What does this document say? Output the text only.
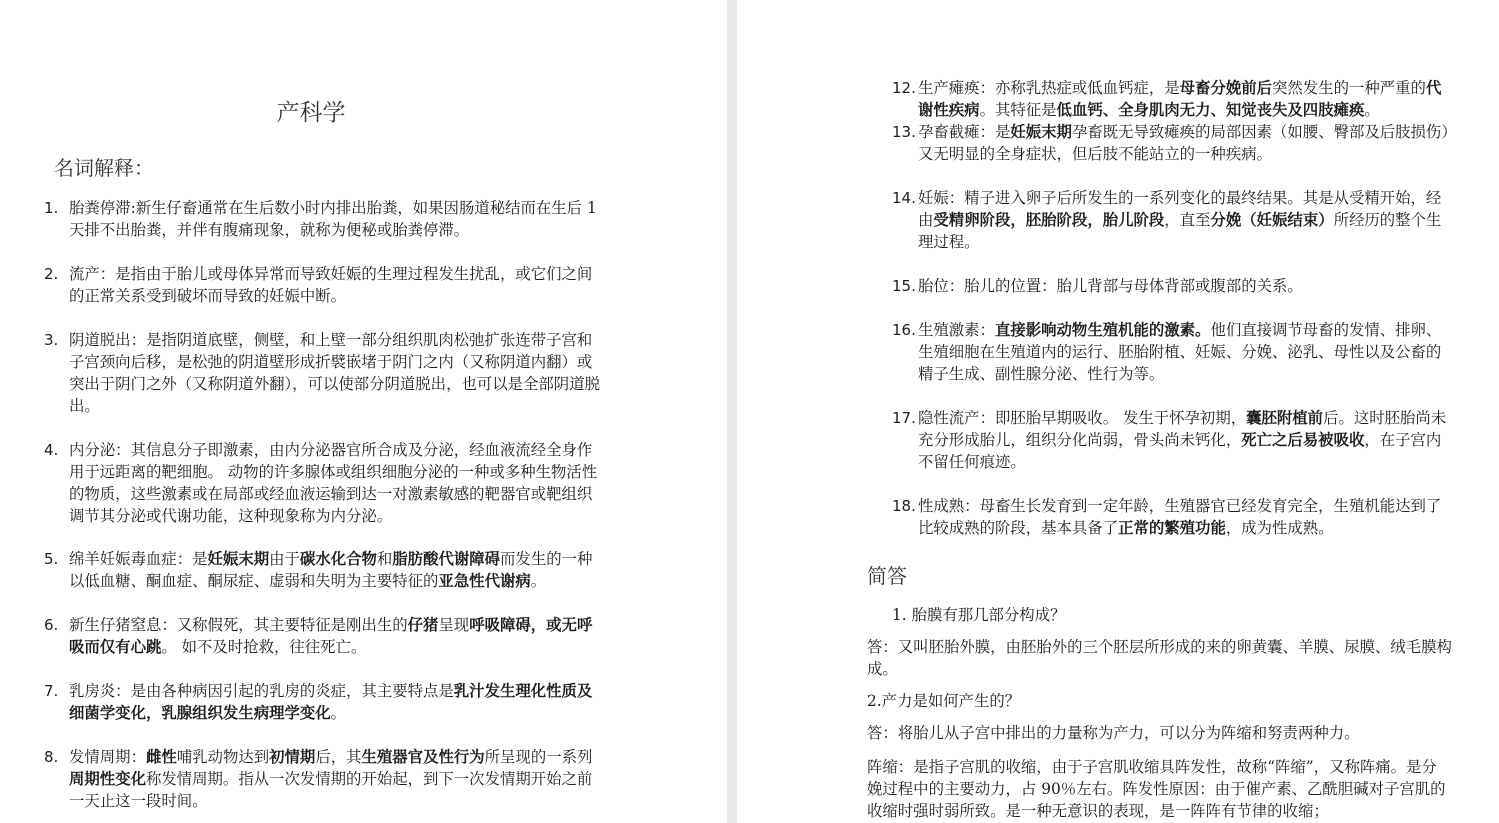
产科学
名词解释：
1. 胎粪停滞:新生仔畜通常在生后数小时内排出胎粪，如果因肠道秘结而在生后 1 天排不出胎粪，并伴有腹痛现象，就称为便秘或胎粪停滞。
2. 流产：是指由于胎儿或母体异常而导致妊娠的生理过程发生扰乱，或它们之间的正常关系受到破坏而导致的妊娠中断。
3. 阴道脱出：是指阴道底壁，侧壁，和上壁一部分组织肌肉松弛扩张连带子宫和子宫颈向后移，是松弛的阴道壁形成折襞嵌堵于阴门之内（又称阴道内翻）或突出于阴门之外（又称阴道外翻），可以使部分阴道脱出，也可以是全部阴道脱出。
4. 内分泌：其信息分子即激素，由内分泌器官所合成及分泌，经血液流经全身作用于远距离的靶细胞。 动物的许多腺体或组织细胞分泌的一种或多种生物活性的物质，这些激素或在局部或经血液运输到达一对激素敏感的靶器官或靶组织调节其分泌或代谢功能，这种现象称为内分泌。
5. 绵羊妊娠毒血症：是妊娠末期由于碳水化合物和脂肪酸代谢障碍而发生的一种以低血糖、酮血症、酮尿症、虚弱和失明为主要特征的亚急性代谢病。
6. 新生仔猪窒息：又称假死，其主要特征是刚出生的仔猪呈现呼吸障碍，或无呼吸而仅有心跳。 如不及时抢救，往往死亡。
7. 乳房炎：是由各种病因引起的乳房的炎症，其主要特点是乳汁发生理化性质及细菌学变化，乳腺组织发生病理学变化。
8. 发情周期：雌性哺乳动物达到初情期后，其生殖器官及性行为所呈现的一系列周期性变化称发情周期。指从一次发情期的开始起，到下一次发情期开始之前一天止这一段时间。
12. 生产瘫痪：亦称乳热症或低血钙症，是母畜分娩前后突然发生的一种严重的代谢性疾病。其特征是低血钙、全身肌肉无力、知觉丧失及四肢瘫痪。
13. 孕畜截瘫：是妊娠末期孕畜既无导致瘫痪的局部因素（如腰、臀部及后肢损伤）又无明显的全身症状，但后肢不能站立的一种疾病。
14. 妊娠：精子进入卵子后所发生的一系列变化的最终结果。其是从受精开始，经由受精卵阶段，胚胎阶段，胎儿阶段，直至分娩（妊娠结束）所经历的整个生理过程。
15. 胎位：胎儿的位置：胎儿背部与母体背部或腹部的关系。
16. 生殖激素：直接影响动物生殖机能的激素。他们直接调节母畜的发情、排卵、生殖细胞在生殖道内的运行、胚胎附植、妊娠、分娩、泌乳、母性以及公畜的精子生成、副性腺分泌、性行为等。
17. 隐性流产：即胚胎早期吸收。 发生于怀孕初期，囊胚附植前后。这时胚胎尚未充分形成胎儿，组织分化尚弱，骨头尚未钙化，死亡之后易被吸收，在子宫内不留任何痕迹。
18. 性成熟：母畜生长发育到一定年龄，生殖器官已经发育完全，生殖机能达到了比较成熟的阶段，基本具备了正常的繁殖功能，成为性成熟。
简答
1. 胎膜有那几部分构成？
答：又叫胚胎外膜，由胚胎外的三个胚层所形成的来的卵黄囊、羊膜、尿膜、绒毛膜构成。
2.产力是如何产生的？
答：将胎儿从子宫中排出的力量称为产力，可以分为阵缩和努责两种力。
阵缩：是指子宫肌的收缩，由于子宫肌收缩具阵发性，故称“阵缩”，又称阵痛。是分娩过程中的主要动力，占 90％左右。阵发性原因：由于催产素、乙酰胆碱对子宫肌的收缩时强时弱所致。是一种无意识的表现，是一阵阵有节律的收缩；
